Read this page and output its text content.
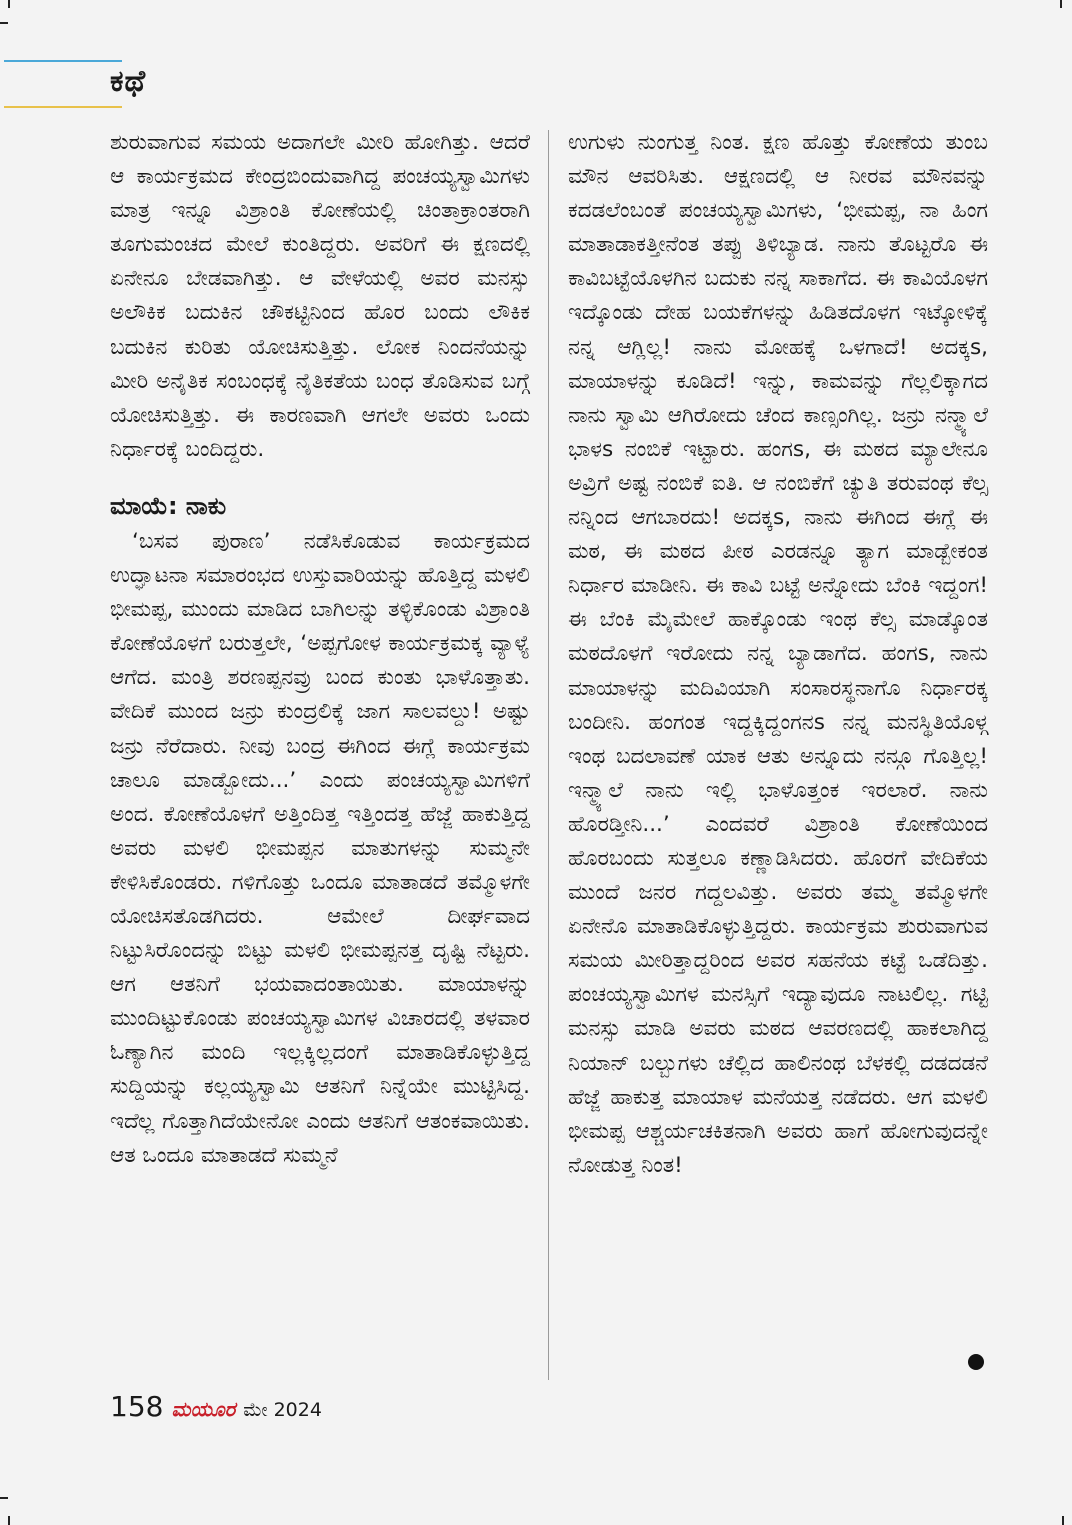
ಕಥೆ

ಶುರುವಾಗುವ ಸಮಯ ಅದಾಗಲೇ ಮೀರಿ ಹೋಗಿತ್ತು. ಆದರೆ ಆ ಕಾರ್ಯಕ್ರಮದ ಕೇಂದ್ರಬಿಂದುವಾಗಿದ್ದ ಪಂಚಯ್ಯಸ್ವಾಮಿಗಳು ಮಾತ್ರ ಇನ್ನೂ ವಿಶ್ರಾಂತಿ ಕೋಣೆಯಲ್ಲಿ ಚಿಂತಾಕ್ರಾಂತರಾಗಿ ತೂಗುಮಂಚದ ಮೇಲೆ ಕುಂತಿದ್ದರು. ಅವರಿಗೆ ಈ ಕ್ಷಣದಲ್ಲಿ ಏನೇನೂ ಬೇಡವಾಗಿತ್ತು. ಆ ವೇಳೆಯಲ್ಲಿ ಅವರ ಮನಸ್ಸು ಅಲೌಕಿಕ ಬದುಕಿನ ಚೌಕಟ್ಟಿನಿಂದ ಹೊರ ಬಂದು ಲೌಕಿಕ ಬದುಕಿನ ಕುರಿತು ಯೋಚಿಸುತ್ತಿತ್ತು. ಲೋಕ ನಿಂದನೆಯನ್ನು ಮೀರಿ ಅನೈತಿಕ ಸಂಬಂಧಕ್ಕೆ ನೈತಿಕತೆಯ ಬಂಧ ತೊಡಿಸುವ ಬಗ್ಗೆ ಯೋಚಿಸುತ್ತಿತ್ತು. ಈ ಕಾರಣವಾಗಿ ಆಗಲೇ ಅವರು ಒಂದು ನಿರ್ಧಾರಕ್ಕೆ ಬಂದಿದ್ದರು.

ಮಾಯೆ: ನಾಕು

‘ಬಸವ ಪುರಾಣ’ ನಡೆಸಿಕೊಡುವ ಕಾರ್ಯಕ್ರಮದ ಉದ್ಘಾಟನಾ ಸಮಾರಂಭದ ಉಸ್ತುವಾರಿಯನ್ನು ಹೊತ್ತಿದ್ದ ಮಳಲಿ ಭೀಮಪ್ಪ, ಮುಂದು ಮಾಡಿದ ಬಾಗಿಲನ್ನು ತಳ್ಳಿಕೊಂಡು ವಿಶ್ರಾಂತಿ ಕೋಣೆಯೊಳಗೆ ಬರುತ್ತಲೇ, ‘ಅಪ್ಪಗೋಳ ಕಾರ್ಯಕ್ರಮಕ್ಕ ವ್ಯಾಳ್ಯೆ ಆಗೆದ. ಮಂತ್ರಿ ಶರಣಪ್ಪನವ್ರು ಬಂದ ಕುಂತು ಭಾಳೊತ್ತಾತು. ವೇದಿಕೆ ಮುಂದ ಜನ್ರು ಕುಂದ್ರಲಿಕ್ಕೆ ಜಾಗ ಸಾಲವಲ್ದು! ಅಷ್ಟು ಜನ್ರು ನೆರೆದಾರು. ನೀವು ಬಂದ್ರ ಈಗಿಂದ ಈಗ್ಲೆ ಕಾರ್ಯಕ್ರಮ ಚಾಲೂ ಮಾಡ್ಬೋದು...’ ಎಂದು ಪಂಚಯ್ಯಸ್ವಾಮಿಗಳಿಗೆ ಅಂದ. ಕೋಣೆಯೊಳಗೆ ಅತ್ತಿಂದಿತ್ತ ಇತ್ತಿಂದತ್ತ ಹೆಜ್ಜೆ ಹಾಕುತ್ತಿದ್ದ ಅವರು ಮಳಲಿ ಭೀಮಪ್ಪನ ಮಾತುಗಳನ್ನು ಸುಮ್ಮನೇ ಕೇಳಿಸಿಕೊಂಡರು. ಗಳಿಗೊತ್ತು ಒಂದೂ ಮಾತಾಡದೆ ತಮ್ಮೊಳಗೇ ಯೋಚಿಸತೊಡಗಿದರು. ಆಮೇಲೆ ದೀರ್ಘವಾದ ನಿಟ್ಟುಸಿರೊಂದನ್ನು ಬಿಟ್ಟು ಮಳಲಿ ಭೀಮಪ್ಪನತ್ತ ದೃಷ್ಟಿ ನೆಟ್ಟರು. ಆಗ ಆತನಿಗೆ ಭಯವಾದಂತಾಯಿತು. ಮಾಯಾಳನ್ನು ಮುಂದಿಟ್ಟುಕೊಂಡು ಪಂಚಯ್ಯಸ್ವಾಮಿಗಳ ವಿಚಾರದಲ್ಲಿ ತಳವಾರ ಓಣ್ಯಾಗಿನ ಮಂದಿ ಇಲ್ಲಕ್ಕಿಲ್ಲದಂಗೆ ಮಾತಾಡಿಕೊಳ್ಳುತ್ತಿದ್ದ ಸುದ್ದಿಯನ್ನು ಕಲ್ಲಯ್ಯಸ್ವಾಮಿ ಆತನಿಗೆ ನಿನ್ನೆಯೇ ಮುಟ್ಟಿಸಿದ್ದ. ಇದೆಲ್ಲ ಗೊತ್ತಾಗಿದೆಯೇನೋ ಎಂದು ಆತನಿಗೆ ಆತಂಕವಾಯಿತು. ಆತ ಒಂದೂ ಮಾತಾಡದೆ ಸುಮ್ಮನೆ

ಉಗುಳು ನುಂಗುತ್ತ ನಿಂತ. ಕ್ಷಣ ಹೊತ್ತು ಕೋಣೆಯ ತುಂಬ ಮೌನ ಆವರಿಸಿತು. ಆಕ್ಷಣದಲ್ಲಿ ಆ ನೀರವ ಮೌನವನ್ನು ಕದಡಲೆಂಬಂತೆ ಪಂಚಯ್ಯಸ್ವಾಮಿಗಳು, ‘ಭೀಮಪ್ಪ, ನಾ ಹಿಂಗ ಮಾತಾಡಾಕತ್ತೀನೆಂತ ತಪ್ಪು ತಿಳಿಬ್ಯಾಡ. ನಾನು ತೊಟ್ಟರೊ ಈ ಕಾವಿಬಟ್ಟೆಯೊಳಗಿನ ಬದುಕು ನನ್ನ ಸಾಕಾಗೆದ. ಈ ಕಾವಿಯೊಳಗ ಇದ್ಕೊಂಡು ದೇಹ ಬಯಕೆಗಳನ್ನು ಹಿಡಿತದೊಳಗ ಇಟ್ಕೋಳಿಕ್ಕೆ ನನ್ನ ಆಗ್ಲಿಲ್ಲ! ನಾನು ಮೋಹಕ್ಕೆ ಒಳಗಾದೆ! ಅದಕ್ಕs, ಮಾಯಾಳನ್ನು ಕೂಡಿದೆ! ಇನ್ನು, ಕಾಮವನ್ನು ಗೆಲ್ಲಲಿಕ್ಕಾಗದ ನಾನು ಸ್ವಾಮಿ ಆಗಿರೋದು ಚೆಂದ ಕಾಣ್ಸಂಗಿಲ್ಲ. ಜನ್ರು ನನ್ಮ್ಯಾಲೆ ಭಾಳs ನಂಬಿಕೆ ಇಟ್ಟಾರು. ಹಂಗs, ಈ ಮಠದ ಮ್ಯಾಲೇನೂ ಅವ್ರಿಗೆ ಅಷ್ಟ ನಂಬಿಕೆ ಐತಿ. ಆ ನಂಬಿಕೆಗೆ ಚ್ಯುತಿ ತರುವಂಥ ಕೆಲ್ಸ ನನ್ನಿಂದ ಆಗಬಾರದು! ಅದಕ್ಕs, ನಾನು ಈಗಿಂದ ಈಗ್ಲೆ ಈ ಮಠ, ಈ ಮಠದ ಪೀಠ ಎರಡನ್ನೂ ತ್ಯಾಗ ಮಾಡ್ಬೇಕಂತ ನಿರ್ಧಾರ ಮಾಡೀನಿ. ಈ ಕಾವಿ ಬಟ್ಟೆ ಅನ್ನೋದು ಬೆಂಕಿ ಇದ್ದಂಗ! ಈ ಬೆಂಕಿ ಮೈಮೇಲೆ ಹಾಕ್ಕೊಂಡು ಇಂಥ ಕೆಲ್ಸ ಮಾಡ್ಕೊಂತ ಮಠದೊಳಗೆ ಇರೋದು ನನ್ನ ಬ್ಯಾಡಾಗೆದ. ಹಂಗs, ನಾನು ಮಾಯಾಳನ್ನು ಮದಿವಿಯಾಗಿ ಸಂಸಾರಸ್ಥನಾಗೊ ನಿರ್ಧಾರಕ್ಕ ಬಂದೀನಿ. ಹಂಗಂತ ಇದ್ದಕ್ಕಿದ್ದಂಗನs ನನ್ನ ಮನಸ್ಥಿತಿಯೊಳ್ಗ ಇಂಥ ಬದಲಾವಣೆ ಯಾಕ ಆತು ಅನ್ನೂದು ನನ್ಗೂ ಗೊತ್ತಿಲ್ಲ! ಇನ್ಮ್ಯಾಲೆ ನಾನು ಇಲ್ಲಿ ಭಾಳೊತ್ತಂಕ ಇರಲಾರೆ. ನಾನು ಹೊರಡ್ತೀನಿ...’ ಎಂದವರೆ ವಿಶ್ರಾಂತಿ ಕೋಣೆಯಿಂದ ಹೊರಬಂದು ಸುತ್ತಲೂ ಕಣ್ಣಾಡಿಸಿದರು. ಹೊರಗೆ ವೇದಿಕೆಯ ಮುಂದೆ ಜನರ ಗದ್ದಲವಿತ್ತು. ಅವರು ತಮ್ಮ ತಮ್ಮೊಳಗೇ ಏನೇನೊ ಮಾತಾಡಿಕೊಳ್ಳುತ್ತಿದ್ದರು. ಕಾರ್ಯಕ್ರಮ ಶುರುವಾಗುವ ಸಮಯ ಮೀರಿತ್ತಾದ್ದರಿಂದ ಅವರ ಸಹನೆಯ ಕಟ್ಟೆ ಒಡೆದಿತ್ತು. ಪಂಚಯ್ಯಸ್ವಾಮಿಗಳ ಮನಸ್ಸಿಗೆ ಇದ್ಯಾವುದೂ ನಾಟಲಿಲ್ಲ. ಗಟ್ಟಿ ಮನಸ್ಸು ಮಾಡಿ ಅವರು ಮಠದ ಆವರಣದಲ್ಲಿ ಹಾಕಲಾಗಿದ್ದ ನಿಯಾನ್ ಬಲ್ಬುಗಳು ಚೆಲ್ಲಿದ ಹಾಲಿನಂಥ ಬೆಳಕಲ್ಲಿ ದಡದಡನೆ ಹೆಜ್ಜೆ ಹಾಕುತ್ತ ಮಾಯಾಳ ಮನೆಯತ್ತ ನಡೆದರು. ಆಗ ಮಳಲಿ ಭೀಮಪ್ಪ ಆಶ್ಚರ್ಯಚಕಿತನಾಗಿ ಅವರು ಹಾಗೆ ಹೋಗುವುದನ್ನೇ ನೋಡುತ್ತ ನಿಂತ!

158 ಮಯೂರ ಮೇ 2024
